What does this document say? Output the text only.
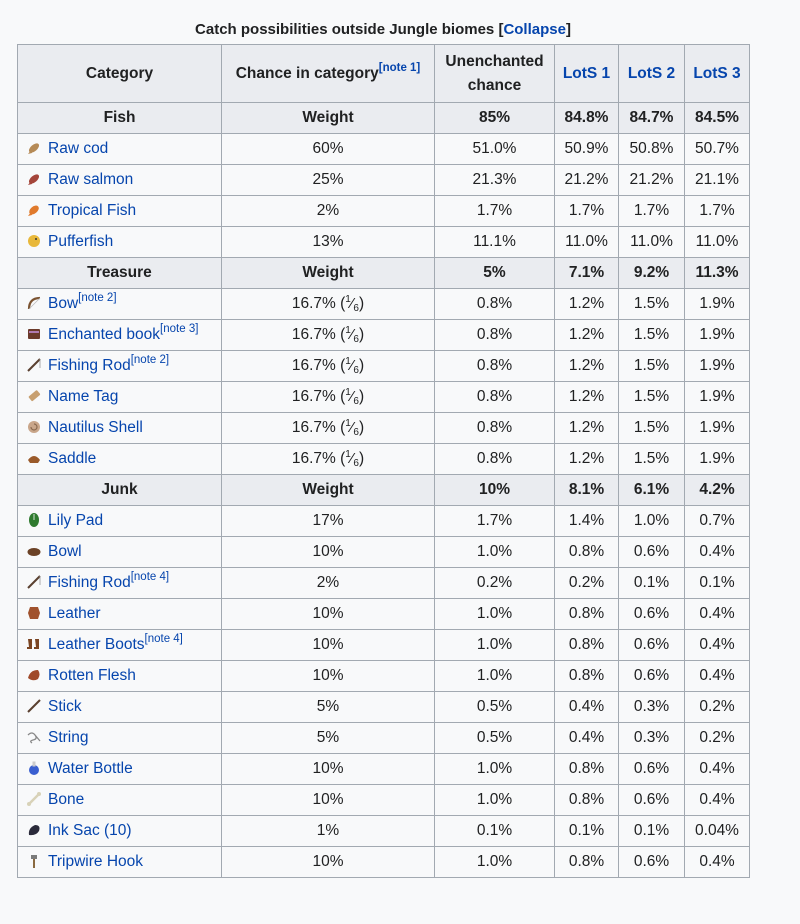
Catch possibilities outside Jungle biomes [Collapse]
Category	Chance in category[note 1]	Unenchanted chance	LotS 1	LotS 2	LotS 3
Fish	Weight	85%	84.8%	84.7%	84.5%
Raw cod	60%	51.0%	50.9%	50.8%	50.7%
Raw salmon	25%	21.3%	21.2%	21.2%	21.1%
Tropical Fish	2%	1.7%	1.7%	1.7%	1.7%
Pufferfish	13%	11.1%	11.0%	11.0%	11.0%
Treasure	Weight	5%	7.1%	9.2%	11.3%
Bow[note 2]	16.7% $(^1⁄_6)$	0.8%	1.2%	1.5%	1.9%
Enchanted book[note 3]	16.7% $(^1⁄_6)$	0.8%	1.2%	1.5%	1.9%
Fishing Rod[note 2]	16.7% $(^1⁄_6)$	0.8%	1.2%	1.5%	1.9%
Name Tag	16.7% $(^1⁄_6)$	0.8%	1.2%	1.5%	1.9%
Nautilus Shell	16.7% $(^1⁄_6)$	0.8%	1.2%	1.5%	1.9%
Saddle	16.7% $(^1⁄_6)$	0.8%	1.2%	1.5%	1.9%
Junk	Weight	10%	8.1%	6.1%	4.2%
Lily Pad	17%	1.7%	1.4%	1.0%	0.7%
Bowl	10%	1.0%	0.8%	0.6%	0.4%
Fishing Rod[note 4]	2%	0.2%	0.2%	0.1%	0.1%
Leather	10%	1.0%	0.8%	0.6%	0.4%
Leather Boots[note 4]	10%	1.0%	0.8%	0.6%	0.4%
Rotten Flesh	10%	1.0%	0.8%	0.6%	0.4%
Stick	5%	0.5%	0.4%	0.3%	0.2%
String	5%	0.5%	0.4%	0.3%	0.2%
Water Bottle	10%	1.0%	0.8%	0.6%	0.4%
Bone	10%	1.0%	0.8%	0.6%	0.4%
Ink Sac (10)	1%	0.1%	0.1%	0.1%	0.04%
Tripwire Hook	10%	1.0%	0.8%	0.6%	0.4%
